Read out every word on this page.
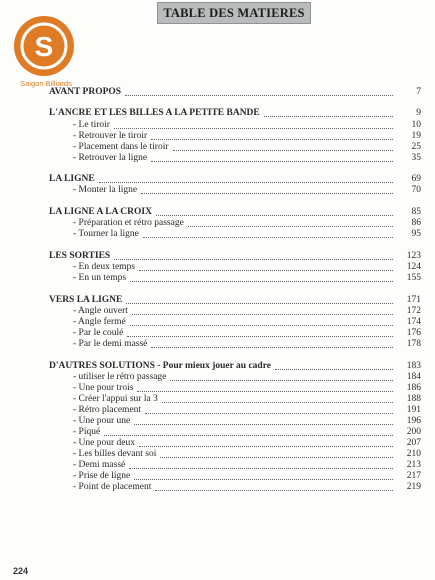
TABLE DES MATIERES
S
Saigon Billiards
AVANT PROPOS	7
L'ANCRE ET LES BILLES A LA PETITE BANDE	9
- Le tiroir	10
- Retrouver le tiroir	19
- Placement dans le tiroir	25
- Retrouver la ligne	35
LA LIGNE	69
- Monter la ligne	70
LA LIGNE A LA CROIX	85
- Préparation et rétro passage	86
- Tourner la ligne	95
LES SORTIES	123
- En deux temps	124
- En un temps	155
VERS LA LIGNE	171
- Angle ouvert	172
- Angle fermé	174
- Par le coulé	176
- Par le demi massé	178
D'AUTRES SOLUTIONS - Pour mieux jouer au cadre	183
- utiliser le rétro passage	184
- Une pour trois	186
- Créer l'appui sur la 3	188
- Rétro placement	191
- Une pour une	196
- Piqué	200
- Une pour deux	207
- Les billes devant soi	210
- Demi massé	213
- Prise de ligne	217
- Point de placement	219
224
